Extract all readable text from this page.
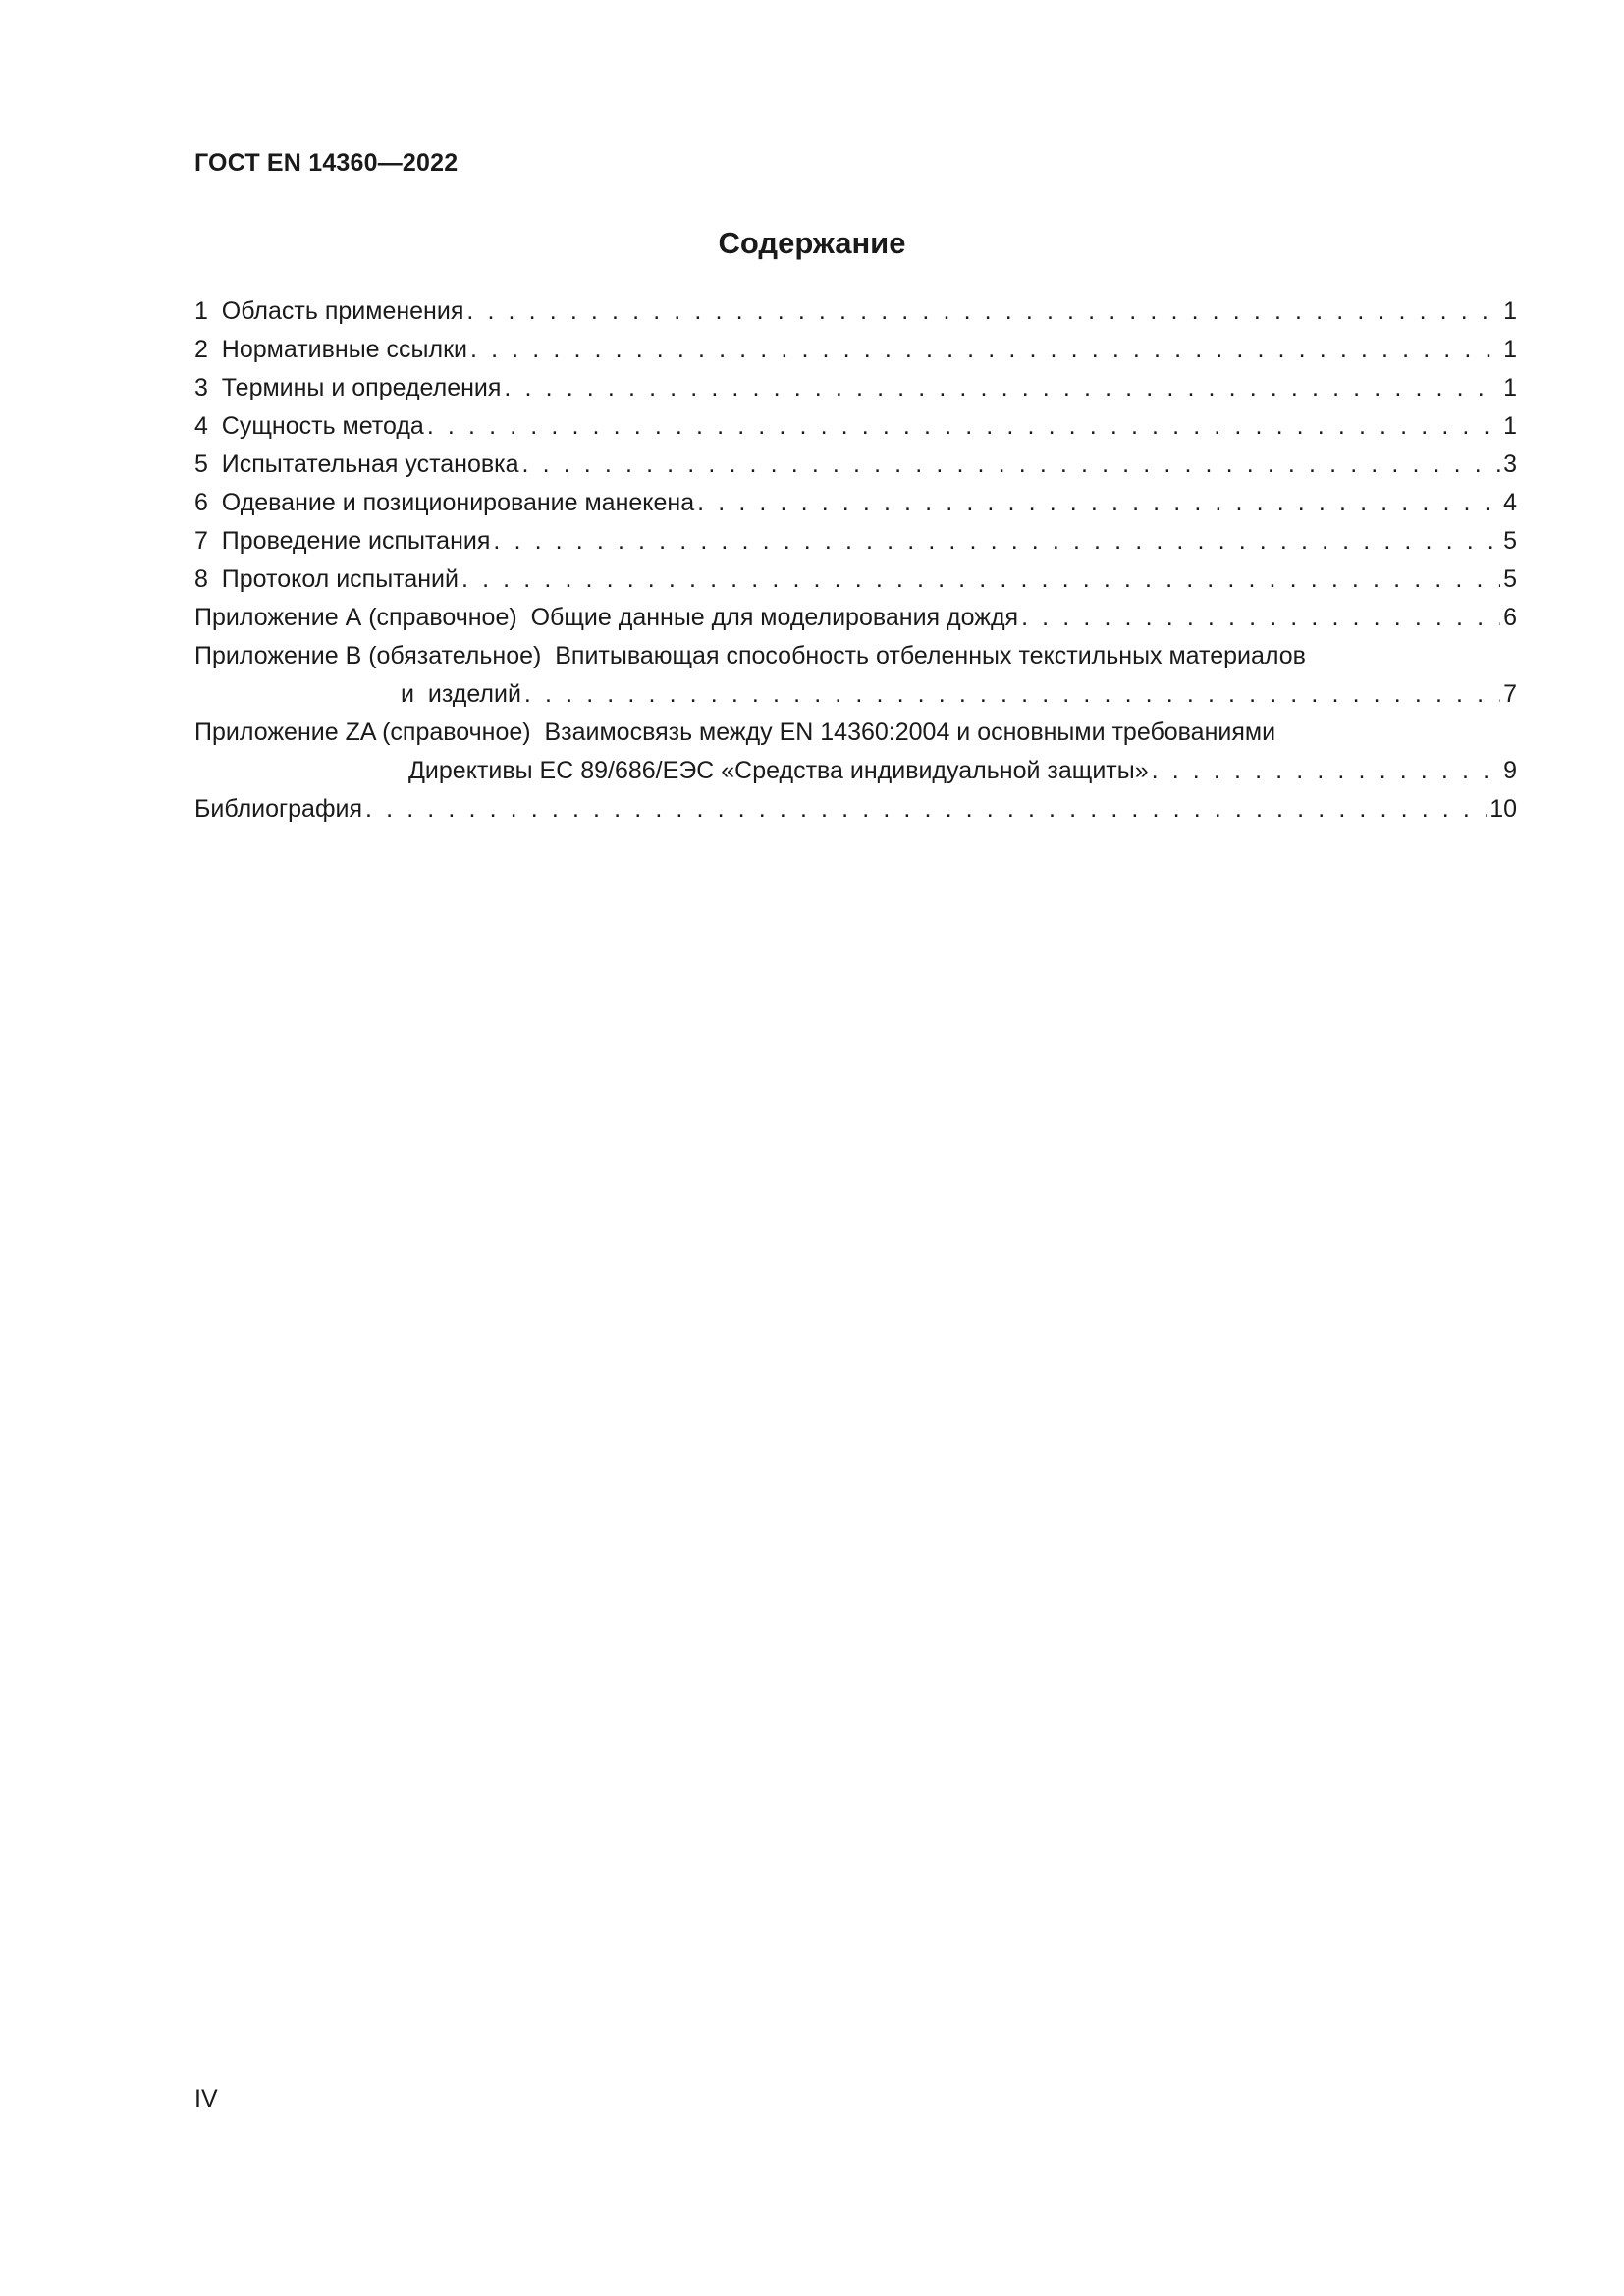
ГОСТ EN 14360—2022
Содержание
1  Область применения . . .	1
2  Нормативные ссылки . . .	1
3  Термины и определения . . .	1
4  Сущность метода . . .	1
5  Испытательная установка . . .	3
6  Одевание и позиционирование манекена . . .	4
7  Проведение испытания . . .	5
8  Протокол испытаний . . .	5
Приложение А (справочное)  Общие данные для моделирования дождя . . .	6
Приложение В (обязательное)  Впитывающая способность отбеленных текстильных материалов
и  изделий . . .	7
Приложение ZA (справочное)  Взаимосвязь между EN 14360:2004 и основными требованиями
Директивы ЕС 89/686/ЕЭС «Средства индивидуальной защиты» . . .	9
Библиография . . .	10
IV
